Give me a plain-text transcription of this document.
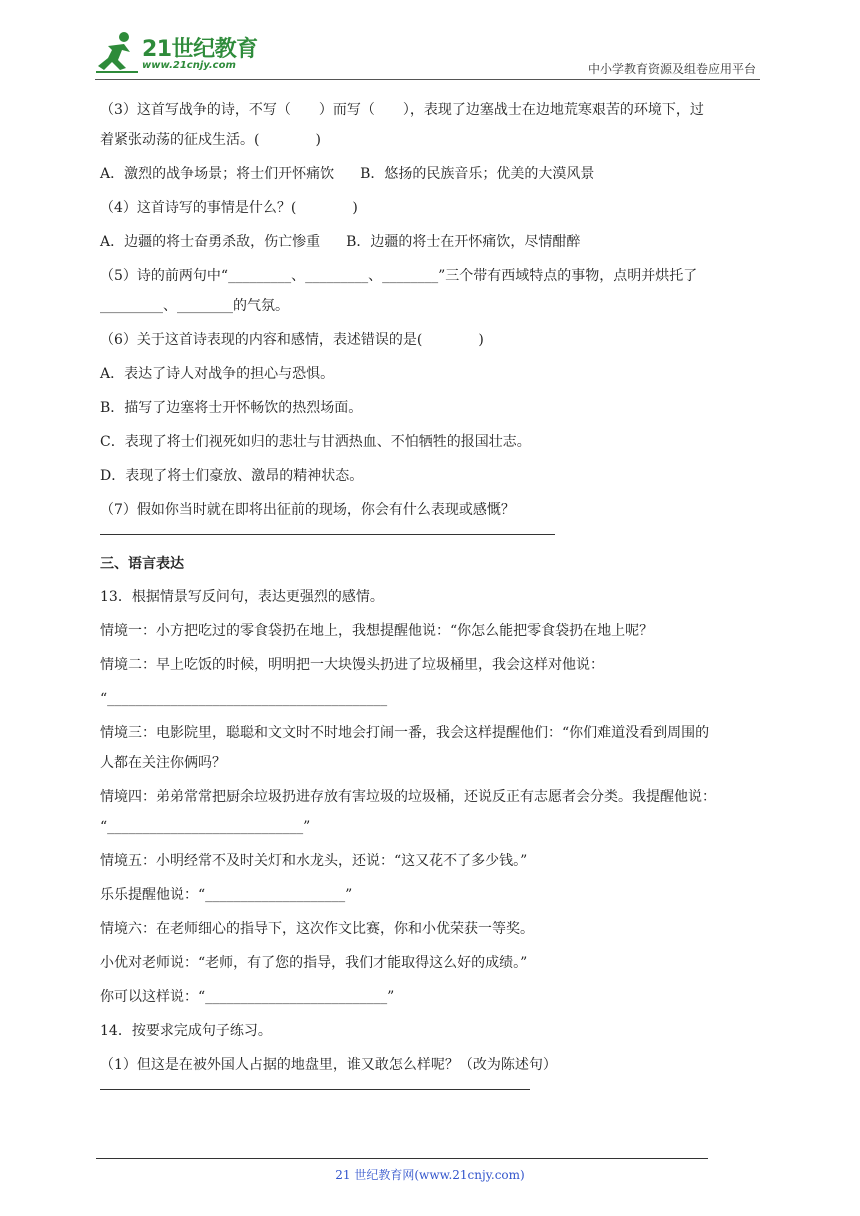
21世纪教育
www.21cnjy.com	中小学教育资源及组卷应用平台
（3）这首写战争的诗，不写（　　）而写（　　），表现了边塞战士在边地荒寒艰苦的环境下，过
着紧张动荡的征戍生活。(　　　　)
A．激烈的战争场景；将士们开怀痛饮 B．悠扬的民族音乐；优美的大漠风景
（4）这首诗写的事情是什么？(　　　　)
A．边疆的将士奋勇杀敌，伤亡惨重 B．边疆的将士在开怀痛饮，尽情酣醉
（5）诗的前两句中“_________、_________、________”三个带有西域特点的事物，点明并烘托了
_________、________的气氛。
（6）关于这首诗表现的内容和感情，表述错误的是(　　　　)
A．表达了诗人对战争的担心与恐惧。
B．描写了边塞将士开怀畅饮的热烈场面。
C．表现了将士们视死如归的悲壮与甘洒热血、不怕牺牲的报国壮志。
D．表现了将士们豪放、激昂的精神状态。
（7）假如你当时就在即将出征前的现场，你会有什么表现或感慨？
三、语言表达
13．根据情景写反问句，表达更强烈的感情。
情境一：小方把吃过的零食袋扔在地上，我想提醒他说：“你怎么能把零食袋扔在地上呢？
情境二：早上吃饭的时候，明明把一大块馒头扔进了垃圾桶里，我会这样对他说：
“________________________________________
情境三：电影院里，聪聪和文文时不时地会打闹一番，我会这样提醒他们：“你们难道没看到周围的
人都在关注你俩吗？
情境四：弟弟常常把厨余垃圾扔进存放有害垃圾的垃圾桶，还说反正有志愿者会分类。我提醒他说：
“____________________________”
情境五：小明经常不及时关灯和水龙头，还说：“这又花不了多少钱。”
乐乐提醒他说：“____________________”
情境六：在老师细心的指导下，这次作文比赛，你和小优荣获一等奖。
小优对老师说：“老师，有了您的指导，我们才能取得这么好的成绩。”
你可以这样说：“__________________________”
14．按要求完成句子练习。
（1）但这是在被外国人占据的地盘里，谁又敢怎么样呢？（改为陈述句）
21 世纪教育网(www.21cnjy.com)
